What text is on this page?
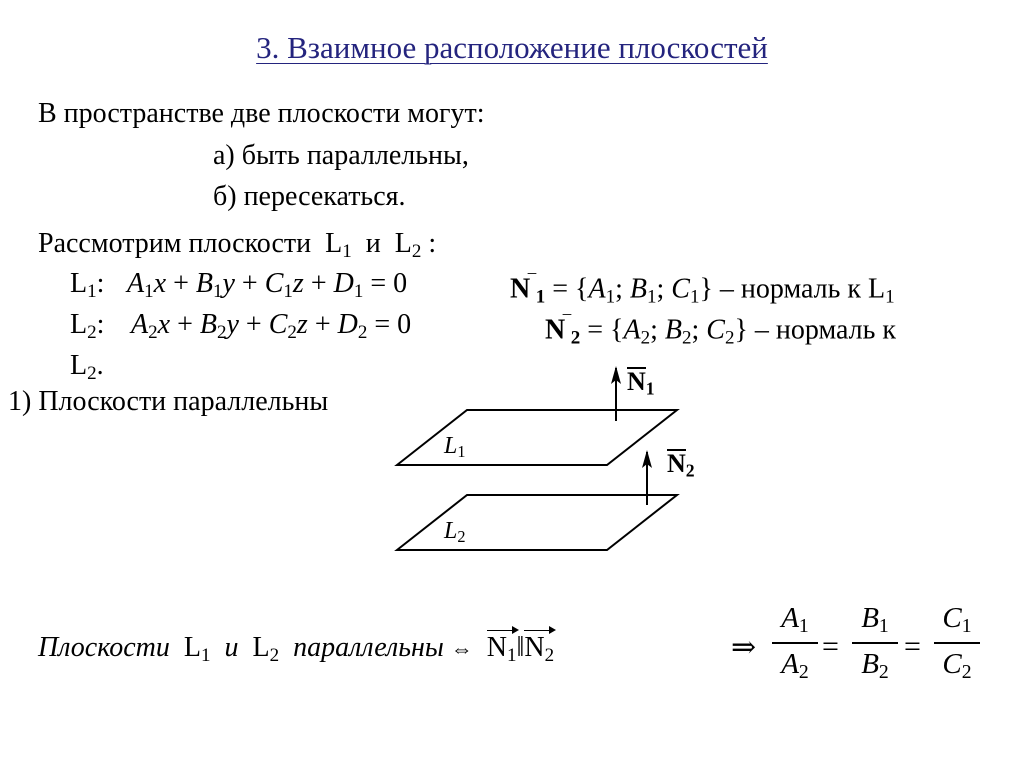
3. Взаимное расположение плоскостей
В пространстве две плоскости могут:
а) быть параллельны,
б) пересекаться.
Рассмотрим плоскости $L_1$ и $L_2$ :
$L_1$: $A_1x + B_1y + C_1z + D_1 = 0$	$N^‾_1 = \{A_1$; $B_1$; $C_1$} – нормаль к $L_1$
$L_2$: $A_2x + B_2y + C_2z + D_2 = 0$	$N^‾_2 = \{A_2$; $B_2$; $C_2$} – нормаль к
$L_2$.
1) Плоскости параллельны
$L_1$
$L_2$
$N_1$
$N_2$
Плоскости $L_1$ и $L_2$ параллельны ⇔ $N_1‖N_2$	⇒
$A_1$
$A_2$
=
$B_1$
$B_2$
=
$C_1$
$C_2$
